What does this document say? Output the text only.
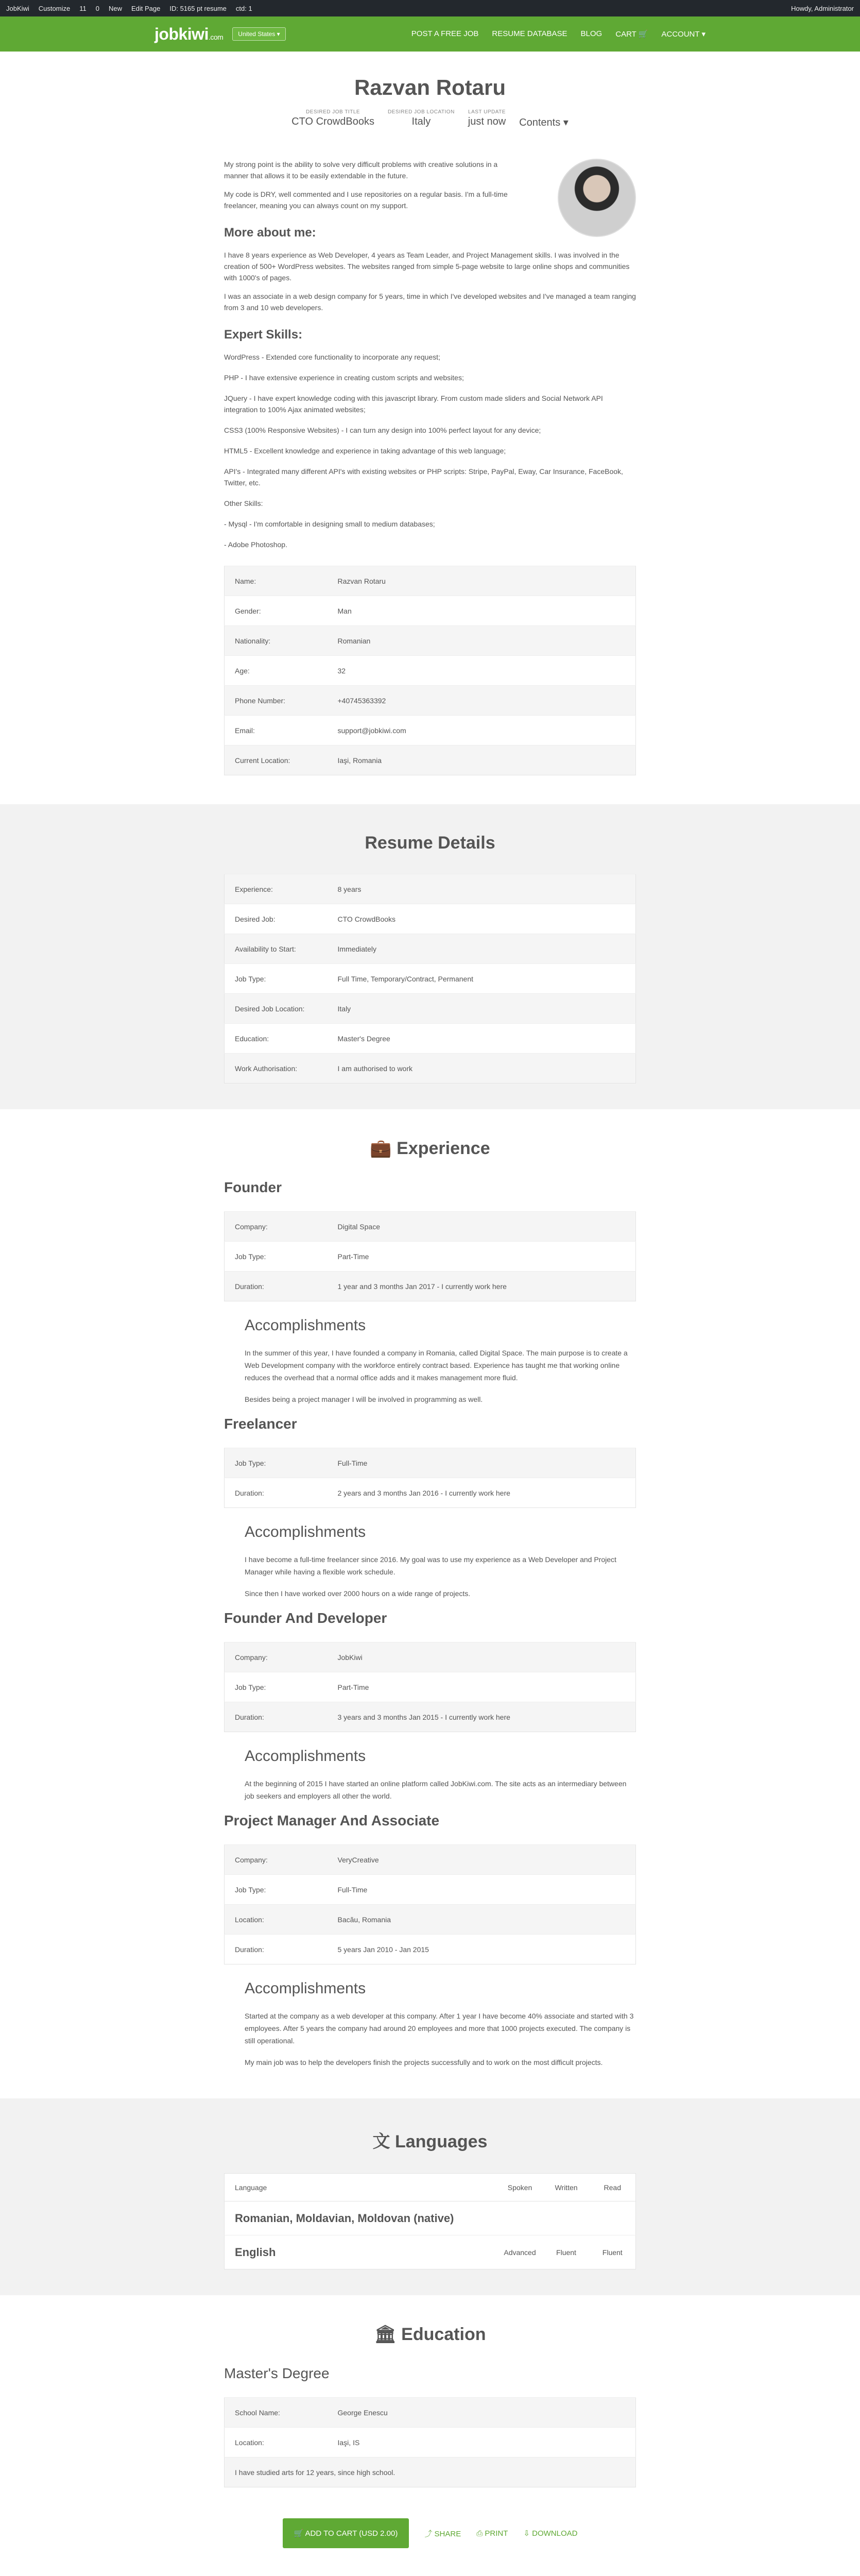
JobKiwi Customize 11 0 New Edit Page ID: 5165 pt resume ctd: 1	Howdy, Administrator
jobkiwi.com	United States ▾	POST A FREE JOB RESUME DATABASE BLOG CART 🛒 ACCOUNT ▾
Razvan Rotaru
DESIRED JOB TITLE
CTO CrowdBooks
DESIRED JOB LOCATION
Italy
LAST UPDATE
just now
Contents ▾

My strong point is the ability to solve very difficult problems with creative solutions in a manner that allows it to be easily extendable in the future.

My code is DRY, well commented and I use repositories on a regular basis. I'm a full-time freelancer, meaning you can always count on my support.

More about me:

I have 8 years experience as Web Developer, 4 years as Team Leader, and Project Management skills. I was involved in the creation of 500+ WordPress websites. The websites ranged from simple 5-page website to large online shops and communities with 1000's of pages.

I was an associate in a web design company for 5 years, time in which I've developed websites and I've managed a team ranging from 3 and 10 web developers.

Expert Skills:
WordPress - Extended core functionality to incorporate any request;
PHP - I have extensive experience in creating custom scripts and websites;
JQuery - I have expert knowledge coding with this javascript library. From custom made sliders and Social Network API integration to 100% Ajax animated websites;
CSS3 (100% Responsive Websites) - I can turn any design into 100% perfect layout for any device;
HTML5 - Excellent knowledge and experience in taking advantage of this web language;
API's - Integrated many different API's with existing websites or PHP scripts: Stripe, PayPal, Eway, Car Insurance, FaceBook, Twitter, etc.
Other Skills:
- Mysql - I'm comfortable in designing small to medium databases;
- Adobe Photoshop.
Name:	Razvan Rotaru
Gender:	Man
Nationality:	Romanian
Age:	32
Phone Number:	+40745363392
Email:	support@jobkiwi.com
Current Location:	Iaşi, Romania
Resume Details
Experience:	8 years
Desired Job:	CTO CrowdBooks
Availability to Start:	Immediately
Job Type:	Full Time, Temporary/Contract, Permanent
Desired Job Location:	Italy
Education:	Master's Degree
Work Authorisation:	I am authorised to work
💼 Experience
Founder
Company:	Digital Space
Job Type:	Part-Time
Duration:	1 year and 3 months Jan 2017 - I currently work here
Accomplishments

In the summer of this year, I have founded a company in Romania, called Digital Space. The main purpose is to create a Web Development company with the workforce entirely contract based. Experience has taught me that working online reduces the overhead that a normal office adds and it makes management more fluid.

Besides being a project manager I will be involved in programming as well.

Freelancer
Job Type:	Full-Time
Duration:	2 years and 3 months Jan 2016 - I currently work here
Accomplishments

I have become a full-time freelancer since 2016. My goal was to use my experience as a Web Developer and Project Manager while having a flexible work schedule.

Since then I have worked over 2000 hours on a wide range of projects.

Founder And Developer
Company:	JobKiwi
Job Type:	Part-Time
Duration:	3 years and 3 months Jan 2015 - I currently work here
Accomplishments

At the beginning of 2015 I have started an online platform called JobKiwi.com. The site acts as an intermediary between job seekers and employers all other the world.

Project Manager And Associate
Company:	VeryCreative
Job Type:	Full-Time
Location:	Bacău, Romania
Duration:	5 years Jan 2010 - Jan 2015
Accomplishments

Started at the company as a web developer at this company. After 1 year I have become 40% associate and started with 3 employees. After 5 years the company had around 20 employees and more that 1000 projects executed. The company is still operational.

My main job was to help the developers finish the projects successfully and to work on the most difficult projects.

文 Languages
Language	Spoken	Written	Read
Romanian, Moldavian, Moldovan (native)			
English	Advanced	Fluent	Fluent
🏛 Education
Master's Degree
School Name:	George Enescu
Location:	Iaşi, IS
I have studied arts for 12 years, since high school.	
🛒 ADD TO CART (USD 2.00)	⤴ SHARE ⎙ PRINT ⇩ DOWNLOAD
